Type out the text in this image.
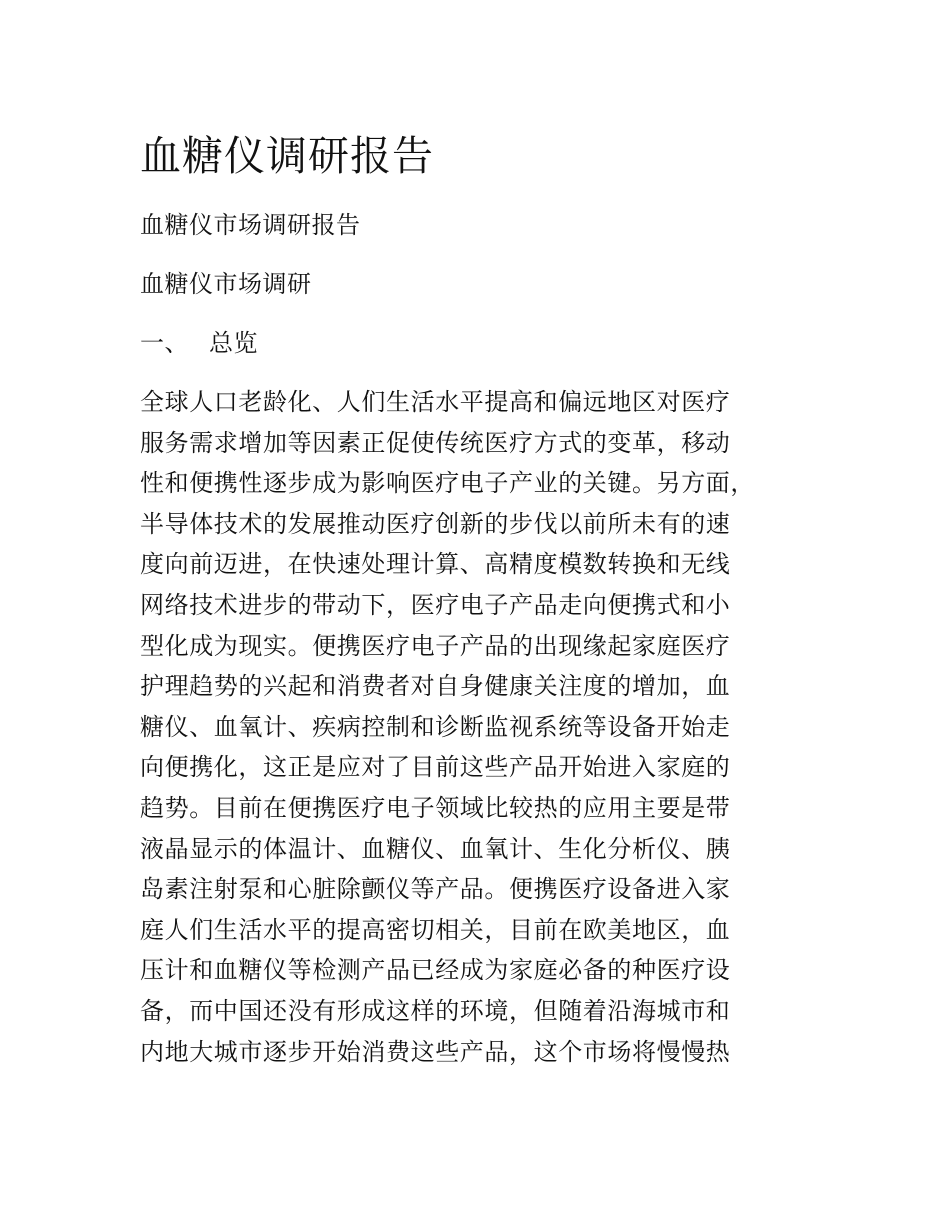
血糖仪调研报告

血糖仪市场调研报告

血糖仪市场调研

一、 总览

全球人口老龄化、人们生活水平提高和偏远地区对医疗
服务需求增加等因素正促使传统医疗方式的变革，移动
性和便携性逐步成为影响医疗电子产业的关键。另方面，
半导体技术的发展推动医疗创新的步伐以前所未有的速
度向前迈进，在快速处理计算、高精度模数转换和无线
网络技术进步的带动下，医疗电子产品走向便携式和小
型化成为现实。便携医疗电子产品的出现缘起家庭医疗
护理趋势的兴起和消费者对自身健康关注度的增加，血
糖仪、血氧计、疾病控制和诊断监视系统等设备开始走
向便携化，这正是应对了目前这些产品开始进入家庭的
趋势。目前在便携医疗电子领域比较热的应用主要是带
液晶显示的体温计、血糖仪、血氧计、生化分析仪、胰
岛素注射泵和心脏除颤仪等产品。便携医疗设备进入家
庭人们生活水平的提高密切相关，目前在欧美地区，血
压计和血糖仪等检测产品已经成为家庭必备的种医疗设
备，而中国还没有形成这样的环境，但随着沿海城市和
内地大城市逐步开始消费这些产品，这个市场将慢慢热
